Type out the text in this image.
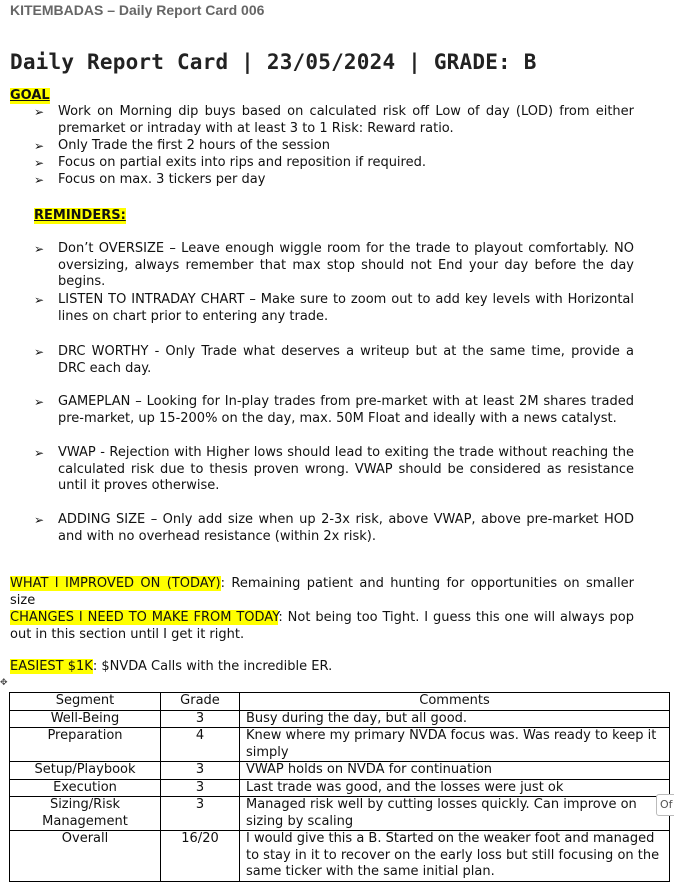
KITEMBADAS – Daily Report Card 006
Daily Report Card | 23/05/2024 | GRADE: B
GOAL
➢ Work on Morning dip buys based on calculated risk off Low of day (LOD) from either premarket or intraday with at least 3 to 1 Risk: Reward ratio.
➢ Only Trade the first 2 hours of the session
➢ Focus on partial exits into rips and reposition if required.
➢ Focus on max. 3 tickers per day
REMINDERS:
➢ Don’t OVERSIZE – Leave enough wiggle room for the trade to playout comfortably. NO oversizing, always remember that max stop should not End your day before the day begins.
➢ LISTEN TO INTRADAY CHART – Make sure to zoom out to add key levels with Horizontal lines on chart prior to entering any trade.
➢ DRC WORTHY - Only Trade what deserves a writeup but at the same time, provide a DRC each day.
➢ GAMEPLAN – Looking for In-play trades from pre-market with at least 2M shares traded pre-market, up 15-200% on the day, max. 50M Float and ideally with a news catalyst.
➢ VWAP - Rejection with Higher lows should lead to exiting the trade without reaching the calculated risk due to thesis proven wrong. VWAP should be considered as resistance until it proves otherwise.
➢ ADDING SIZE – Only add size when up 2-3x risk, above VWAP, above pre-market HOD and with no overhead resistance (within 2x risk).
WHAT I IMPROVED ON (TODAY): Remaining patient and hunting for opportunities on smaller size
CHANGES I NEED TO MAKE FROM TODAY: Not being too Tight. I guess this one will always pop out in this section until I get it right.
EASIEST $1K: $NVDA Calls with the incredible ER.
✥
Segment	Grade	Comments
Well-Being	3	Busy during the day, but all good.
Preparation	4	Knew where my primary NVDA focus was. Was ready to keep it simply
Setup/Playbook	3	VWAP holds on NVDA for continuation
Execution	3	Last trade was good, and the losses were just ok
Sizing/Risk Management	3	Managed risk well by cutting losses quickly. Can improve on sizing by scaling
Overall	16/20	I would give this a B. Started on the weaker foot and managed to stay in it to recover on the early loss but still focusing on the same ticker with the same initial plan.
Of
